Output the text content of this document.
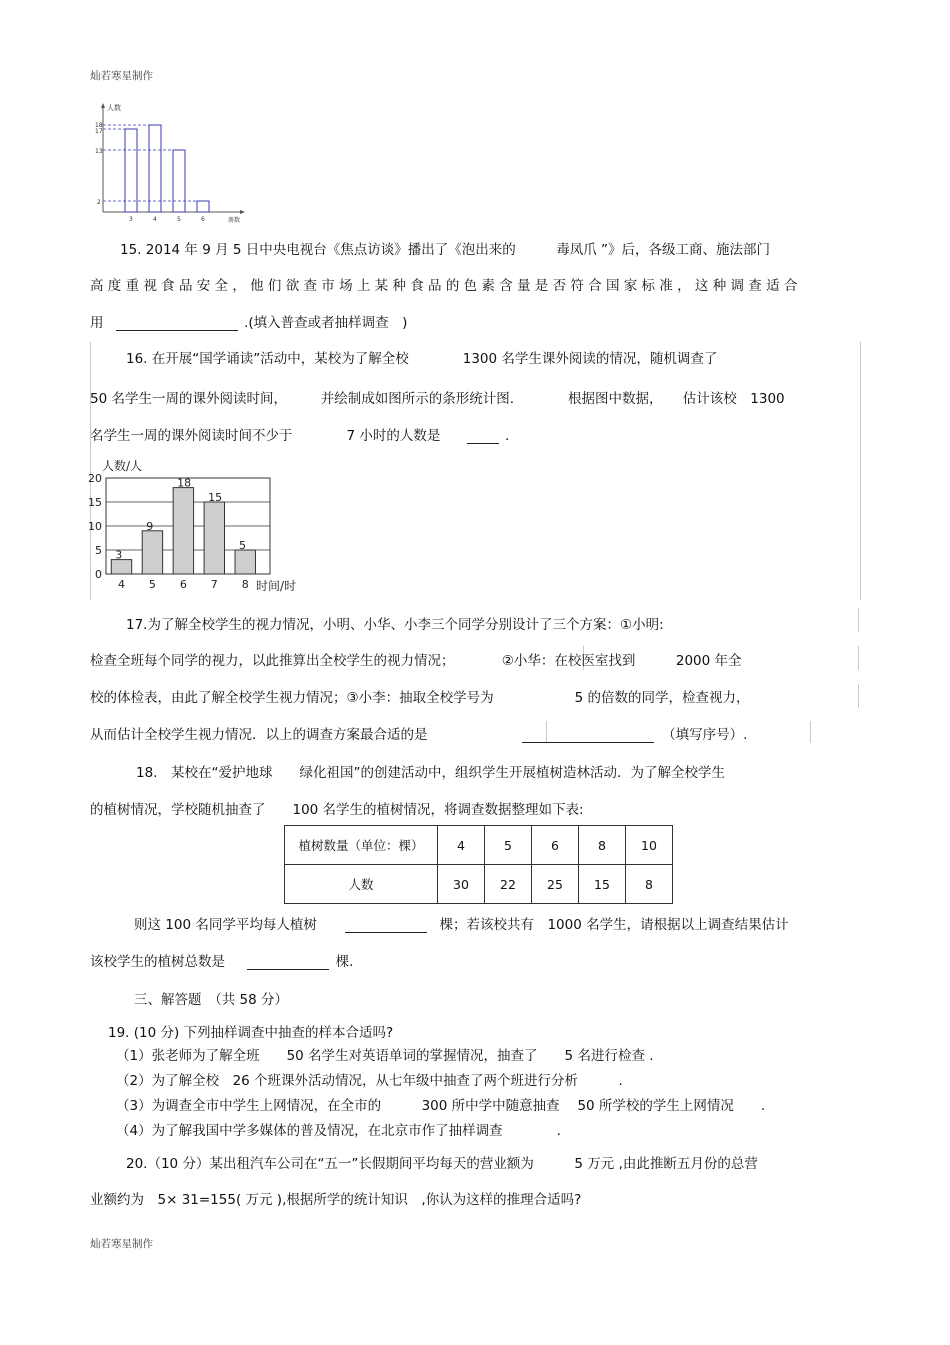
灿若寒星制作
人数
册数
18
17
13
2
3	4	5	6
15. 2014 年 9 月 5 日中央电视台《焦点访谈》播出了《泡出来的　　　毒凤爪 ”》后，各级工商、施法部门
高 度 重 视 食 品 安 全 ， 他 们 欲 查 市 场 上 某 种 食 品 的 色 素 含 量 是 否 符 合 国 家 标 准 ， 这 种 调 查 适 合
用	.(填入普查或者抽样调查　)
16. 在开展“国学诵读”活动中，某校为了解全校　　　　1300 名学生课外阅读的情况，随机调查了
50 名学生一周的课外阅读时间，　　　并绘制成如图所示的条形统计图.　　　　根据图中数据，　　估计该校　1300
名学生一周的课外阅读时间不少于　　　　7 小时的人数是	.
0
5
10
15
20
3
4
9
5
18
6
15
7
5
8
人数/人
时间/时
17.为了解全校学生的视力情况，小明、小华、小李三个同学分别设计了三个方案：①小明:
检查全班每个同学的视力，以此推算出全校学生的视力情况；　　　　②小华：在校医室找到　　　2000 年全
校的体检表，由此了解全校学生视力情况；③小李：抽取全校学号为　　　　　　5 的倍数的同学，检查视力，
从而估计全校学生视力情况．以上的调查方案最合适的是	（填写序号）.
18.　某校在“爱护地球　　绿化祖国”的创建活动中，组织学生开展植树造林活动．为了解全校学生
的植树情况，学校随机抽查了　　100 名学生的植树情况，将调查数据整理如下表:
植树数量（单位：棵）	4	5	6	8	10
人数	30	22	25	15	8
则这 100 名同学平均每人植树	棵；若该校共有　1000 名学生，请根据以上调查结果估计
该校学生的植树总数是	棵.
三、解答题　（共 58 分）
19. (10 分) 下列抽样调查中抽查的样本合适吗?
（1）张老师为了解全班　　50 名学生对英语单词的掌握情况，抽查了　　5 名进行检查 .
（2）为了解全校　26 个班课外活动情况，从七年级中抽查了两个班进行分析　　　.
（3）为调查全市中学生上网情况，在全市的　　　300 所中学中随意抽查　 50 所学校的学生上网情况　　.
（4）为了解我国中学多媒体的普及情况，在北京市作了抽样调查　　　　.
20.（10 分）某出租汽车公司在“五一”长假期间平均每天的营业额为　　　5 万元 ,由此推断五月份的总营
业额约为　5× 31=155( 万元 ),根据所学的统计知识　,你认为这样的推理合适吗?
灿若寒星制作
